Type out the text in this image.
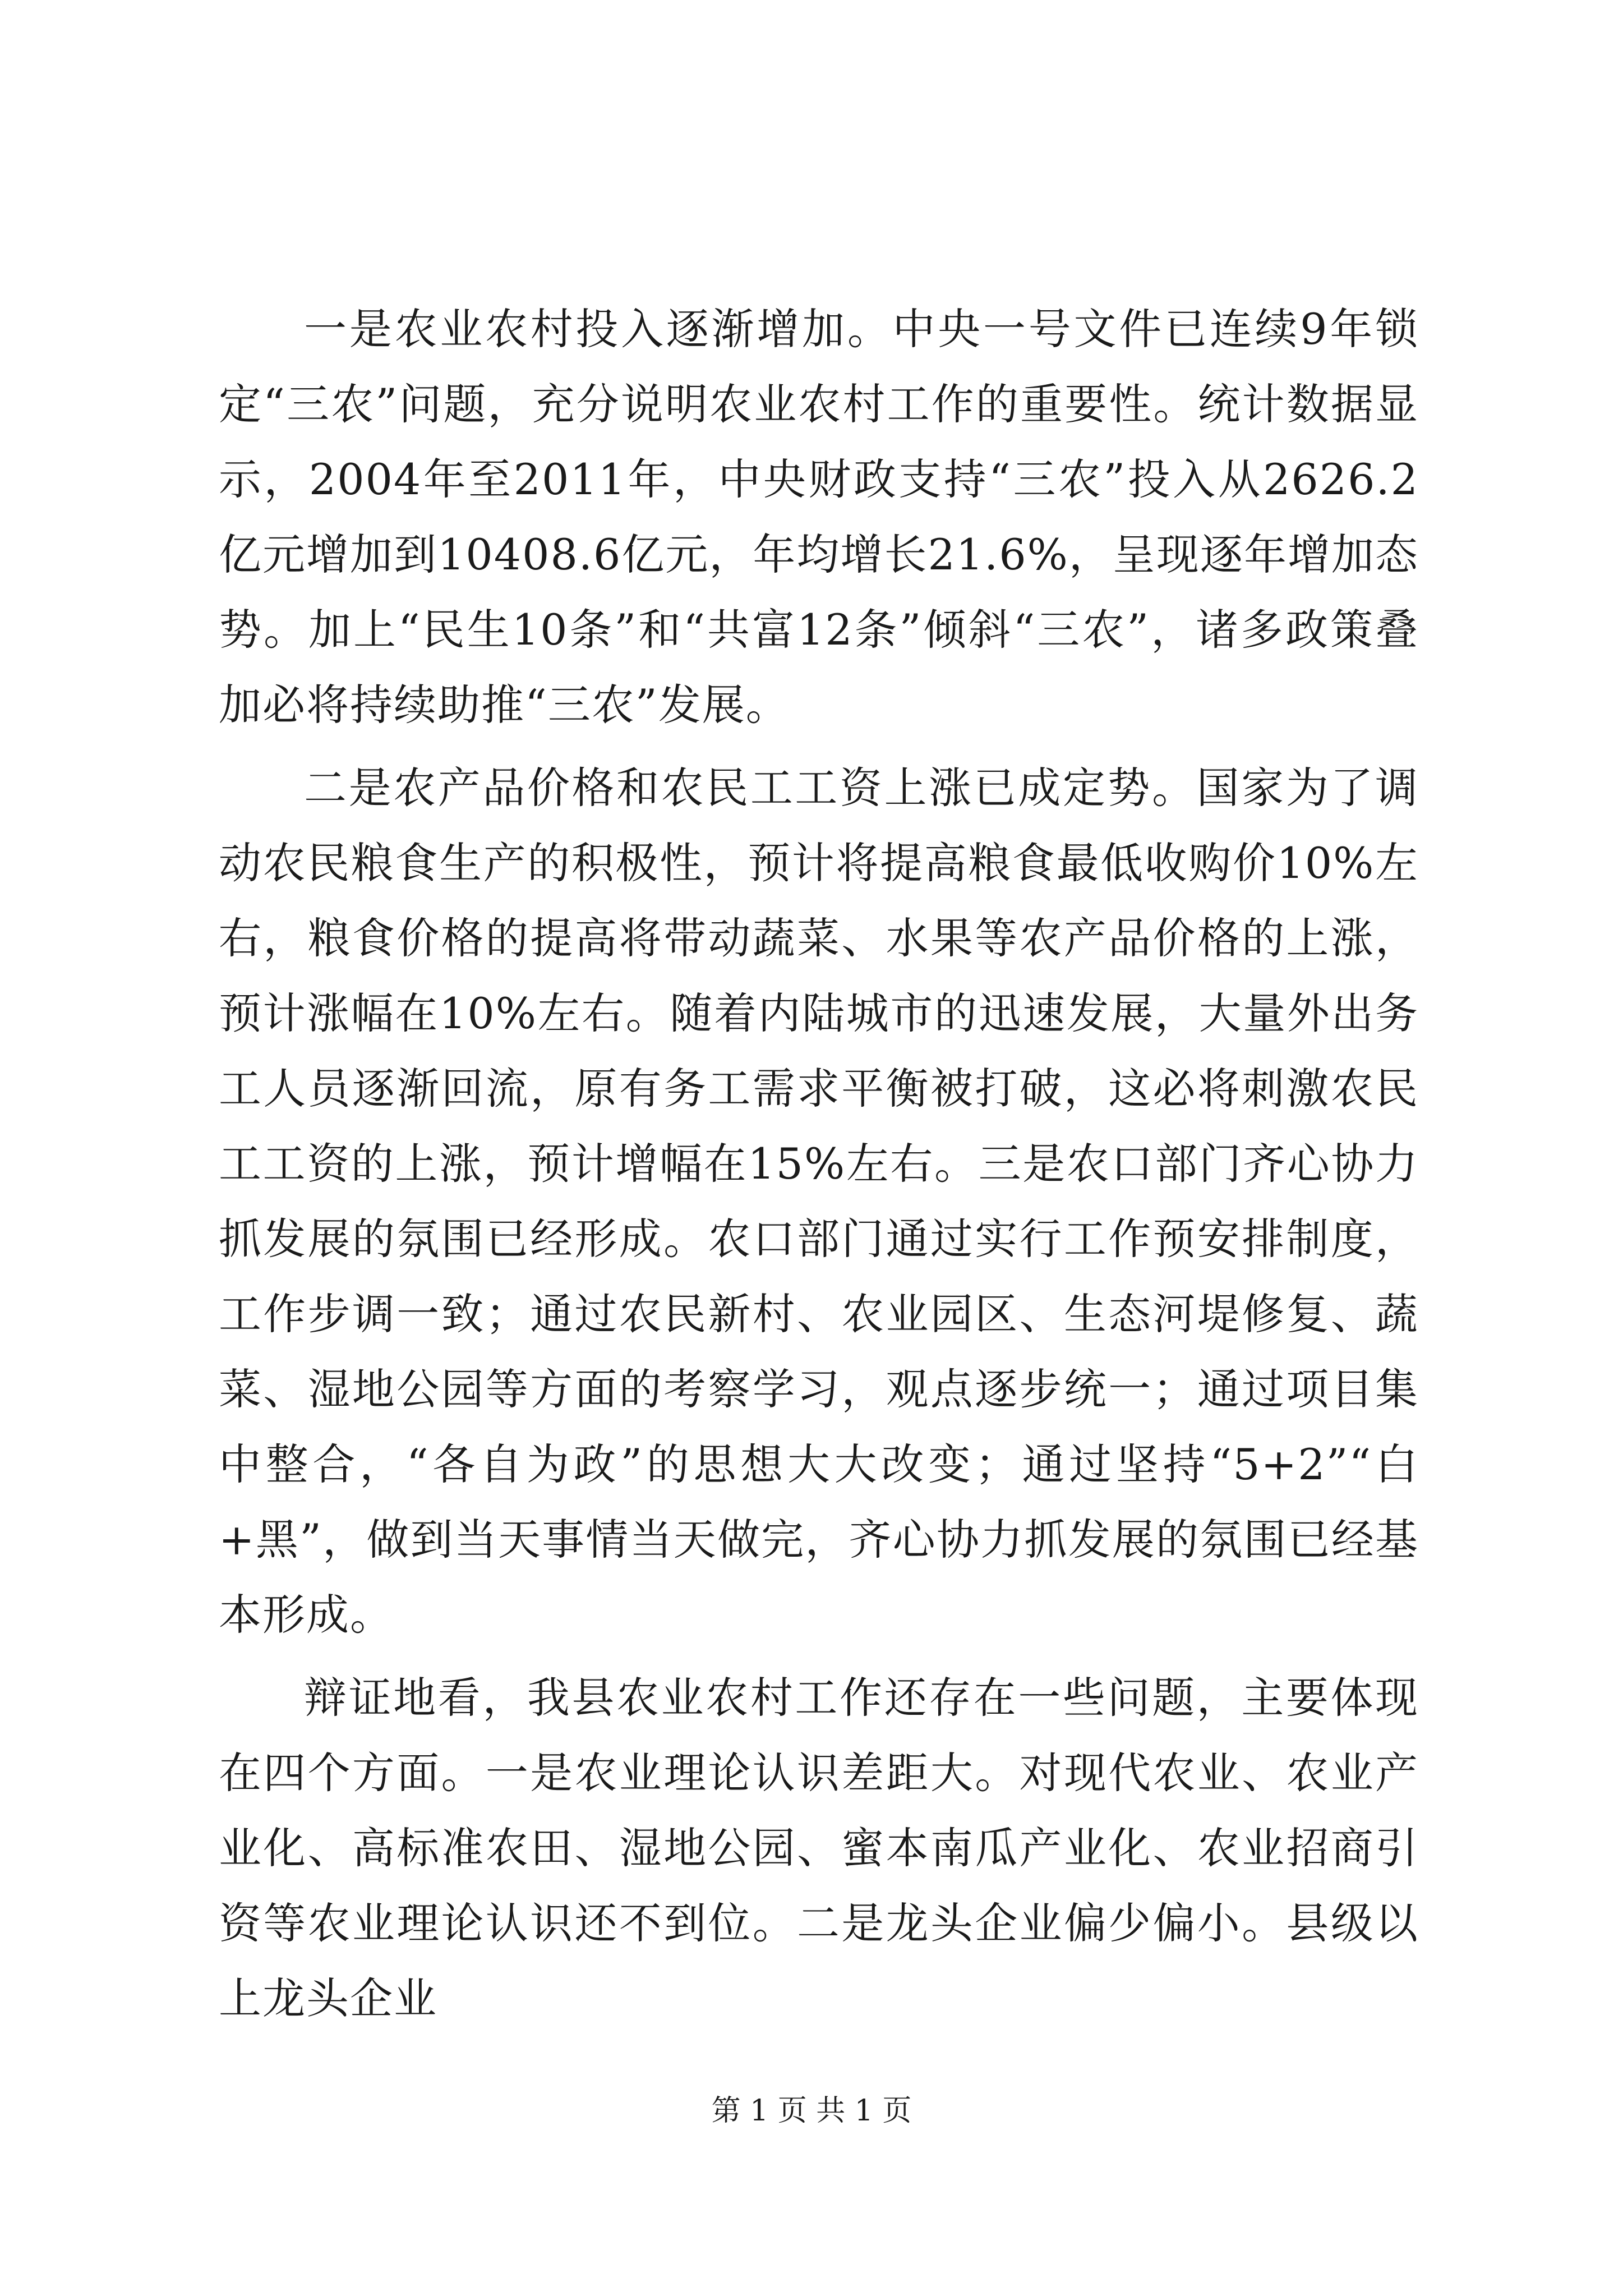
一是农业农村投入逐渐增加。中央一号文件已连续9年锁定“三农”问题，充分说明农业农村工作的重要性。统计数据显示，2004年至2011年，中央财政支持“三农”投入从2626.2亿元增加到10408.6亿元，年均增长21.6%，呈现逐年增加态势。加上“民生10条”和“共富12条”倾斜“三农”，诸多政策叠加必将持续助推“三农”发展。

二是农产品价格和农民工工资上涨已成定势。国家为了调动农民粮食生产的积极性，预计将提高粮食最低收购价10%左右，粮食价格的提高将带动蔬菜、水果等农产品价格的上涨，预计涨幅在10%左右。随着内陆城市的迅速发展，大量外出务工人员逐渐回流，原有务工需求平衡被打破，这必将刺激农民工工资的上涨，预计增幅在15%左右。三是农口部门齐心协力抓发展的氛围已经形成。农口部门通过实行工作预安排制度，工作步调一致；通过农民新村、农业园区、生态河堤修复、蔬菜、湿地公园等方面的考察学习，观点逐步统一；通过项目集中整合，“各自为政”的思想大大改变；通过坚持“5+2”“白+黑”，做到当天事情当天做完，齐心协力抓发展的氛围已经基本形成。

辩证地看，我县农业农村工作还存在一些问题，主要体现在四个方面。一是农业理论认识差距大。对现代农业、农业产业化、高标准农田、湿地公园、蜜本南瓜产业化、农业招商引资等农业理论认识还不到位。二是龙头企业偏少偏小。县级以上龙头企业

第 1 页 共 1 页
